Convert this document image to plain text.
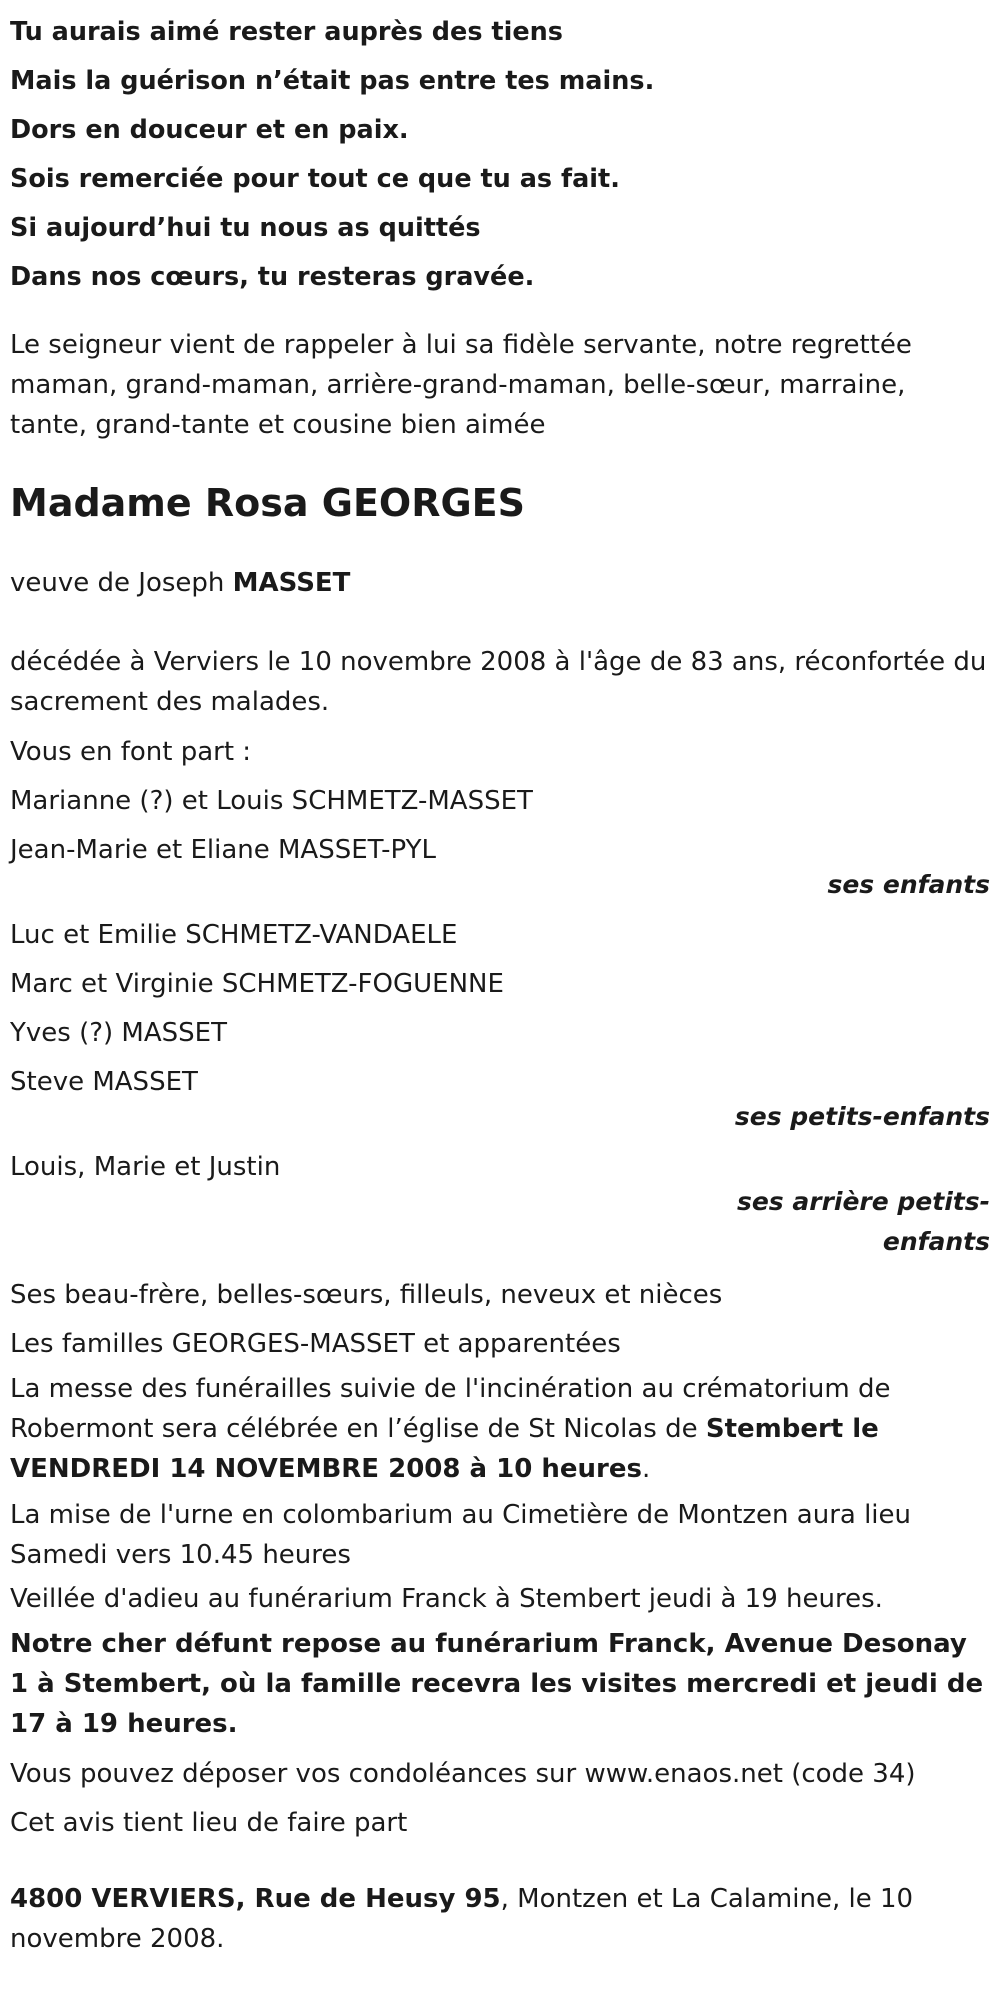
Tu aurais aimé rester auprès des tiens
Mais la guérison n’était pas entre tes mains.
Dors en douceur et en paix.
Sois remerciée pour tout ce que tu as fait.
Si aujourd’hui tu nous as quittés
Dans nos cœurs, tu resteras gravée.
Le seigneur vient de rappeler à lui sa fidèle servante, notre regrettée maman, grand-maman, arrière-grand-maman, belle-sœur, marraine, tante, grand-tante et cousine bien aimée
Madame Rosa GEORGES
veuve de Joseph MASSET
décédée à Verviers le 10 novembre 2008 à l'âge de 83 ans, réconfortée du sacrement des malades.
Vous en font part :
Marianne (?) et Louis SCHMETZ-MASSET
Jean-Marie et Eliane MASSET-PYL
ses enfants
Luc et Emilie SCHMETZ-VANDAELE
Marc et Virginie SCHMETZ-FOGUENNE
Yves (?) MASSET
Steve MASSET
ses petits-enfants
Louis, Marie et Justin
ses arrière petits-enfants
Ses beau-frère, belles-sœurs, filleuls, neveux et nièces
Les familles GEORGES-MASSET et apparentées
La messe des funérailles suivie de l'incinération au crématorium de Robermont sera célébrée en l’église de St Nicolas de Stembert le VENDREDI 14 NOVEMBRE 2008 à 10 heures.
La mise de l'urne en colombarium au Cimetière de Montzen aura lieu Samedi vers 10.45 heures
Veillée d'adieu au funérarium Franck à Stembert jeudi à 19 heures.
Notre cher défunt repose au funérarium Franck, Avenue Desonay 1 à Stembert, où la famille recevra les visites mercredi et jeudi de 17 à 19 heures.
Vous pouvez déposer vos condoléances sur www.enaos.net (code 34)
Cet avis tient lieu de faire part
4800 VERVIERS, Rue de Heusy 95, Montzen et La Calamine, le 10 novembre 2008.
